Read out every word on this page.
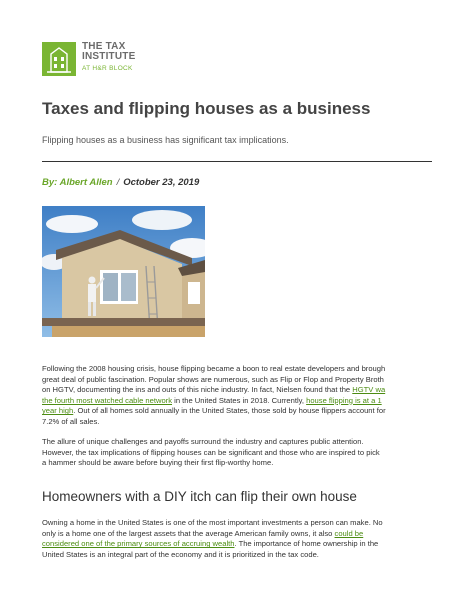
THE TAX
INSTITUTE
AT H&R BLOCK
Taxes and flipping houses as a business

Flipping houses as a business has significant tax implications.

By: Albert Allen / October 23, 2019

Following the 2008 housing crisis, house flipping became a boon to real estate developers and brough
great deal of public fascination. Popular shows are numerous, such as Flip or Flop and Property Broth
on HGTV, documenting the ins and outs of this niche industry. In fact, Nielsen found that the HGTV wa
the fourth most watched cable network in the United States in 2018. Currently, house flipping is at a 1
year high. Out of all homes sold annually in the United States, those sold by house flippers account for
7.2% of all sales.

The allure of unique challenges and payoffs surround the industry and captures public attention.
However, the tax implications of flipping houses can be significant and those who are inspired to pick
a hammer should be aware before buying their first flip-worthy home.

Homeowners with a DIY itch can flip their own house

Owning a home in the United States is one of the most important investments a person can make. No
only is a home one of the largest assets that the average American family owns, it also could be
considered one of the primary sources of accruing wealth. The importance of home ownership in the
United States is an integral part of the economy and it is prioritized in the tax code.
